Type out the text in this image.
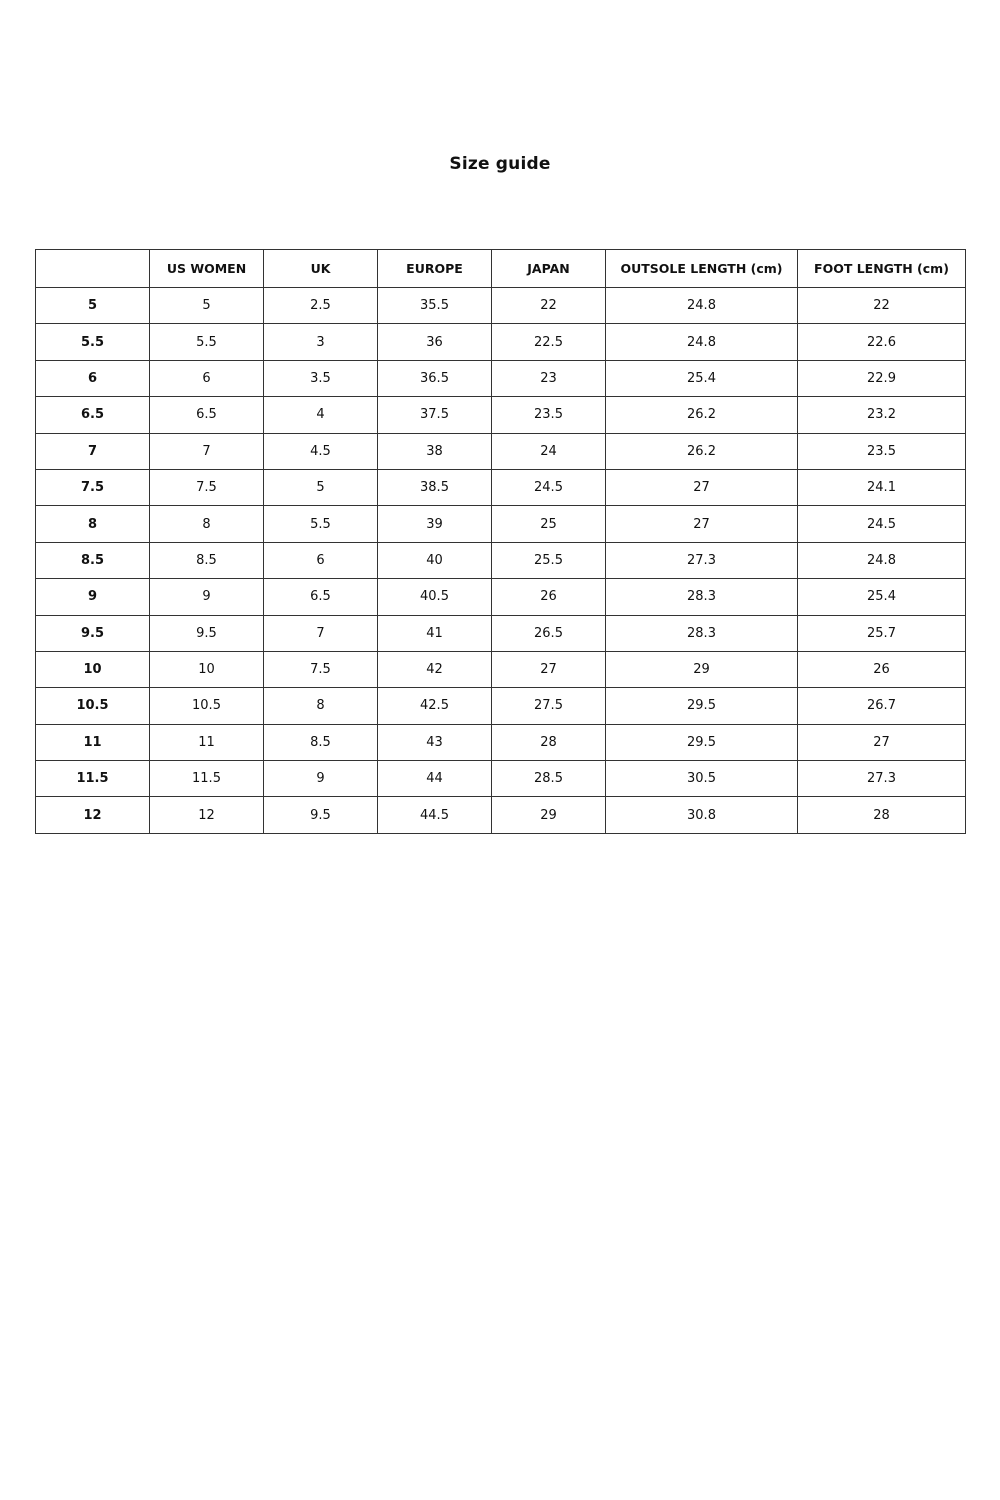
Size guide
	US WOMEN	UK	EUROPE	JAPAN	OUTSOLE LENGTH (cm)	FOOT LENGTH (cm)
5	5	2.5	35.5	22	24.8	22
5.5	5.5	3	36	22.5	24.8	22.6
6	6	3.5	36.5	23	25.4	22.9
6.5	6.5	4	37.5	23.5	26.2	23.2
7	7	4.5	38	24	26.2	23.5
7.5	7.5	5	38.5	24.5	27	24.1
8	8	5.5	39	25	27	24.5
8.5	8.5	6	40	25.5	27.3	24.8
9	9	6.5	40.5	26	28.3	25.4
9.5	9.5	7	41	26.5	28.3	25.7
10	10	7.5	42	27	29	26
10.5	10.5	8	42.5	27.5	29.5	26.7
11	11	8.5	43	28	29.5	27
11.5	11.5	9	44	28.5	30.5	27.3
12	12	9.5	44.5	29	30.8	28
